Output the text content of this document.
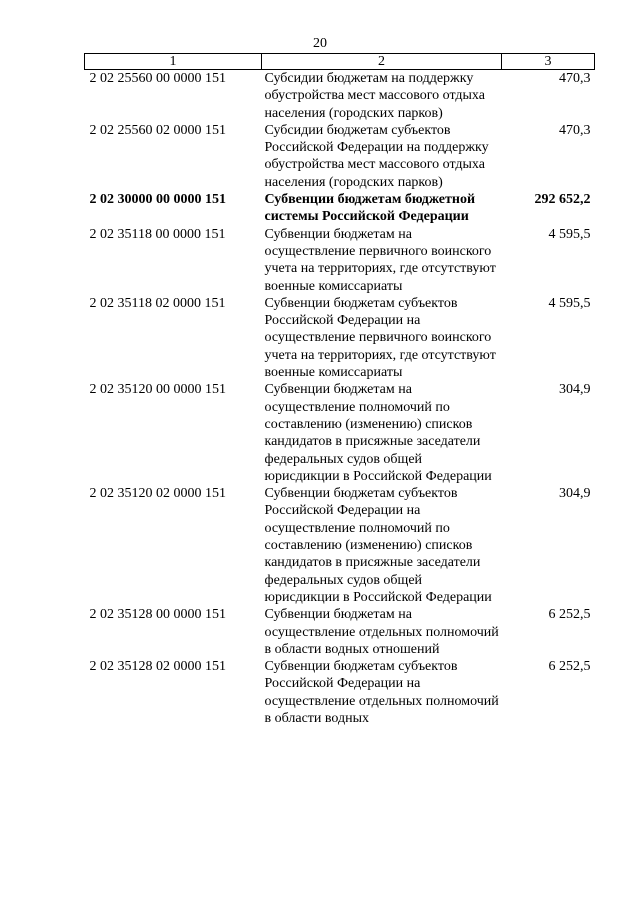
20
1	2	3
2 02 25560 00 0000 151	Субсидии бюджетам на поддержку обустройства мест массового отдыха населения (городских парков)	470,3
2 02 25560 02 0000 151	Субсидии бюджетам субъектов Российской Федерации на поддержку обустройства мест массового отдыха населения (городских парков)	470,3
2 02 30000 00 0000 151	Субвенции бюджетам бюджетной системы Российской Федерации	292 652,2
2 02 35118 00 0000 151	Субвенции бюджетам на осуществление первичного воинского учета на территориях, где отсутствуют военные комиссариаты	4 595,5
2 02 35118 02 0000 151	Субвенции бюджетам субъектов Российской Федерации на осуществление первичного воинского учета на территориях, где отсутствуют военные комиссариаты	4 595,5
2 02 35120 00 0000 151	Субвенции бюджетам на осуществление полномочий по составлению (изменению) списков кандидатов в присяжные заседатели федеральных судов общей юрисдикции в Российской Федерации	304,9
2 02 35120 02 0000 151	Субвенции бюджетам субъектов Российской Федерации на осуществление полномочий по составлению (изменению) списков кандидатов в присяжные заседатели федеральных судов общей юрисдикции в Российской Федерации	304,9
2 02 35128 00 0000 151	Субвенции бюджетам на осуществление отдельных полномочий в области водных отношений	6 252,5
2 02 35128 02 0000 151	Субвенции бюджетам субъектов Российской Федерации на осуществление отдельных полномочий в области водных	6 252,5
